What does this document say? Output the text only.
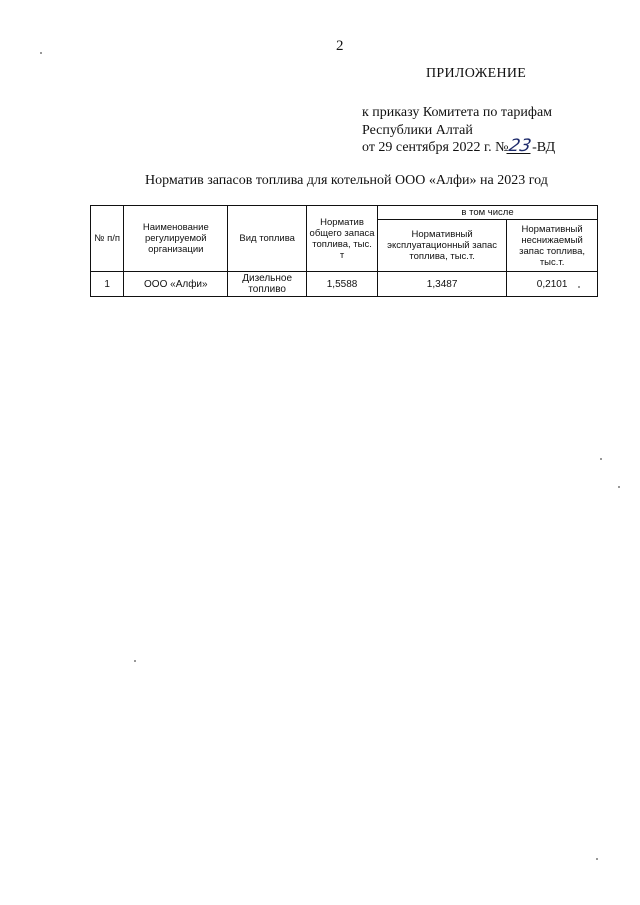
2
ПРИЛОЖЕНИЕ
к приказу Комитета по тарифам
Республики Алтай
от 29 сентября 2022 г. №23-ВД
Норматив запасов топлива для котельной ООО «Алфи» на 2023 год
№ п/п	Наименование регулируемой организации	Вид топлива	Норматив общего запаса топлива, тыс. т	в том числе	
				Нормативный эксплуатационный запас топлива, тыс.т.	Нормативный неснижаемый запас топлива, тыс.т.
1	ООО «Алфи»	Дизельное топливо	1,5588	1,3487	0,2101
